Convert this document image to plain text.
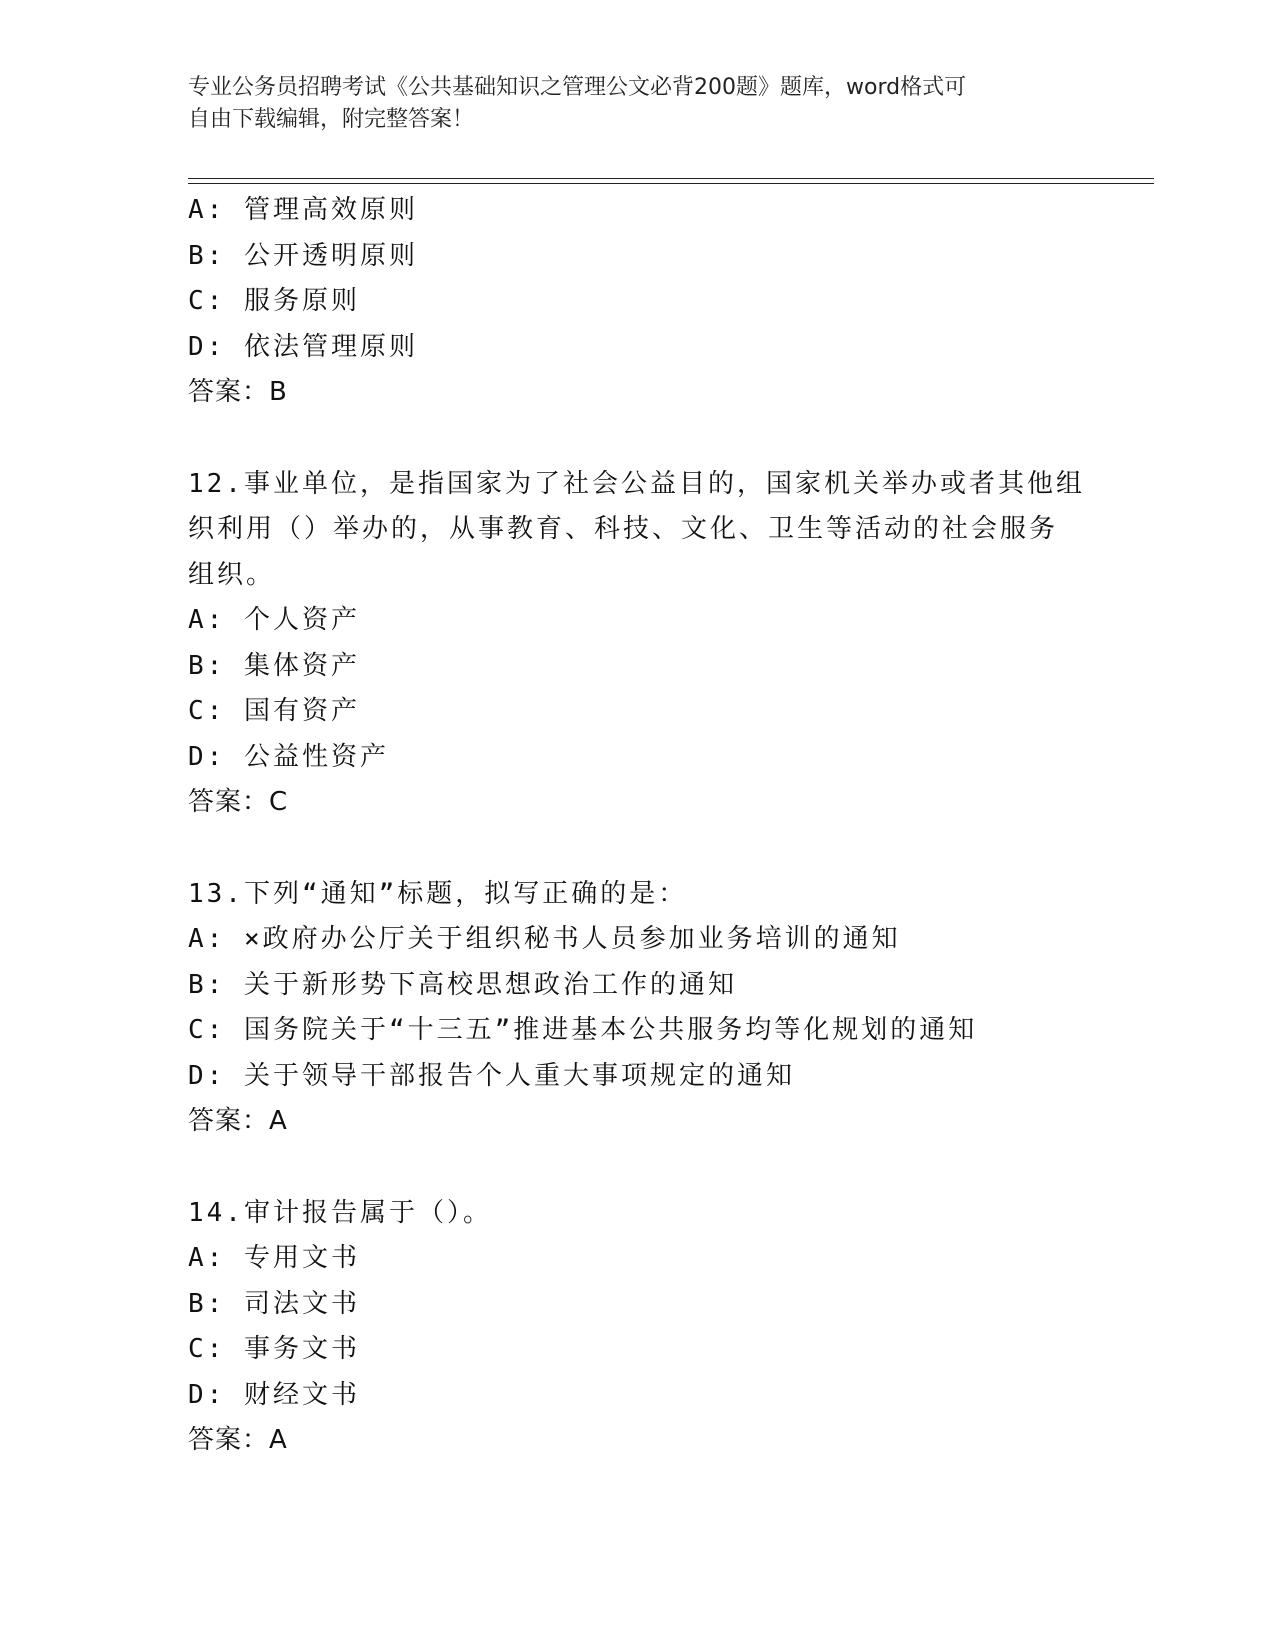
专业公务员招聘考试《公共基础知识之管理公文必背200题》题库，word格式可
自由下载编辑，附完整答案！
A: 管理高效原则
B: 公开透明原则
C: 服务原则
D: 依法管理原则
答案：B
12.事业单位，是指国家为了社会公益目的，国家机关举办或者其他组
织利用（）举办的，从事教育、科技、文化、卫生等活动的社会服务
组织。
A: 个人资产
B: 集体资产
C: 国有资产
D: 公益性资产
答案：C
13.下列“通知”标题，拟写正确的是：
A: ×政府办公厅关于组织秘书人员参加业务培训的通知
B: 关于新形势下高校思想政治工作的通知
C: 国务院关于“十三五”推进基本公共服务均等化规划的通知
D: 关于领导干部报告个人重大事项规定的通知
答案：A
14.审计报告属于（）。
A: 专用文书
B: 司法文书
C: 事务文书
D: 财经文书
答案：A
